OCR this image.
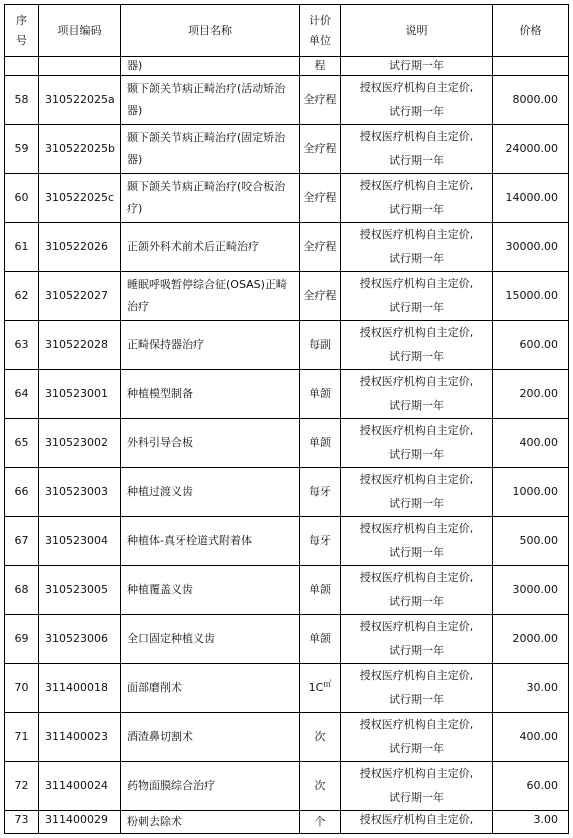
序号	项目编码	项目名称	计价单位	说明	价格
		器)	程	试行期一年	
58	310522025a	颞下颌关节病正畸治疗(活动矫治器)	全疗程	授权医疗机构自主定价,
试行期一年	8000.00
59	310522025b	颞下颌关节病正畸治疗(固定矫治器)	全疗程	授权医疗机构自主定价,
试行期一年	24000.00
60	310522025c	颞下颌关节病正畸治疗(咬合板治疗)	全疗程	授权医疗机构自主定价,
试行期一年	14000.00
61	310522026	正颌外科术前术后正畸治疗	全疗程	授权医疗机构自主定价,
试行期一年	30000.00
62	310522027	睡眠呼吸暂停综合征(OSAS)正畸治疗	全疗程	授权医疗机构自主定价,
试行期一年	15000.00
63	310522028	正畸保持器治疗	每副	授权医疗机构自主定价,
试行期一年	600.00
64	310523001	种植模型制备	单颌	授权医疗机构自主定价,
试行期一年	200.00
65	310523002	外科引导合板	单颌	授权医疗机构自主定价,
试行期一年	400.00
66	310523003	种植过渡义齿	每牙	授权医疗机构自主定价,
试行期一年	1000.00
67	310523004	种植体-真牙栓道式附着体	每牙	授权医疗机构自主定价,
试行期一年	500.00
68	310523005	种植覆盖义齿	单颌	授权医疗机构自主定价,
试行期一年	3000.00
69	310523006	全口固定种植义齿	单颌	授权医疗机构自主定价,
试行期一年	2000.00
70	311400018	面部磨削术	1C㎡	授权医疗机构自主定价,
试行期一年	30.00
71	311400023	酒渣鼻切割术	次	授权医疗机构自主定价,
试行期一年	400.00
72	311400024	药物面膜综合治疗	次	授权医疗机构自主定价,
试行期一年	60.00
73	311400029	粉刺去除术	个	授权医疗机构自主定价,	3.00
